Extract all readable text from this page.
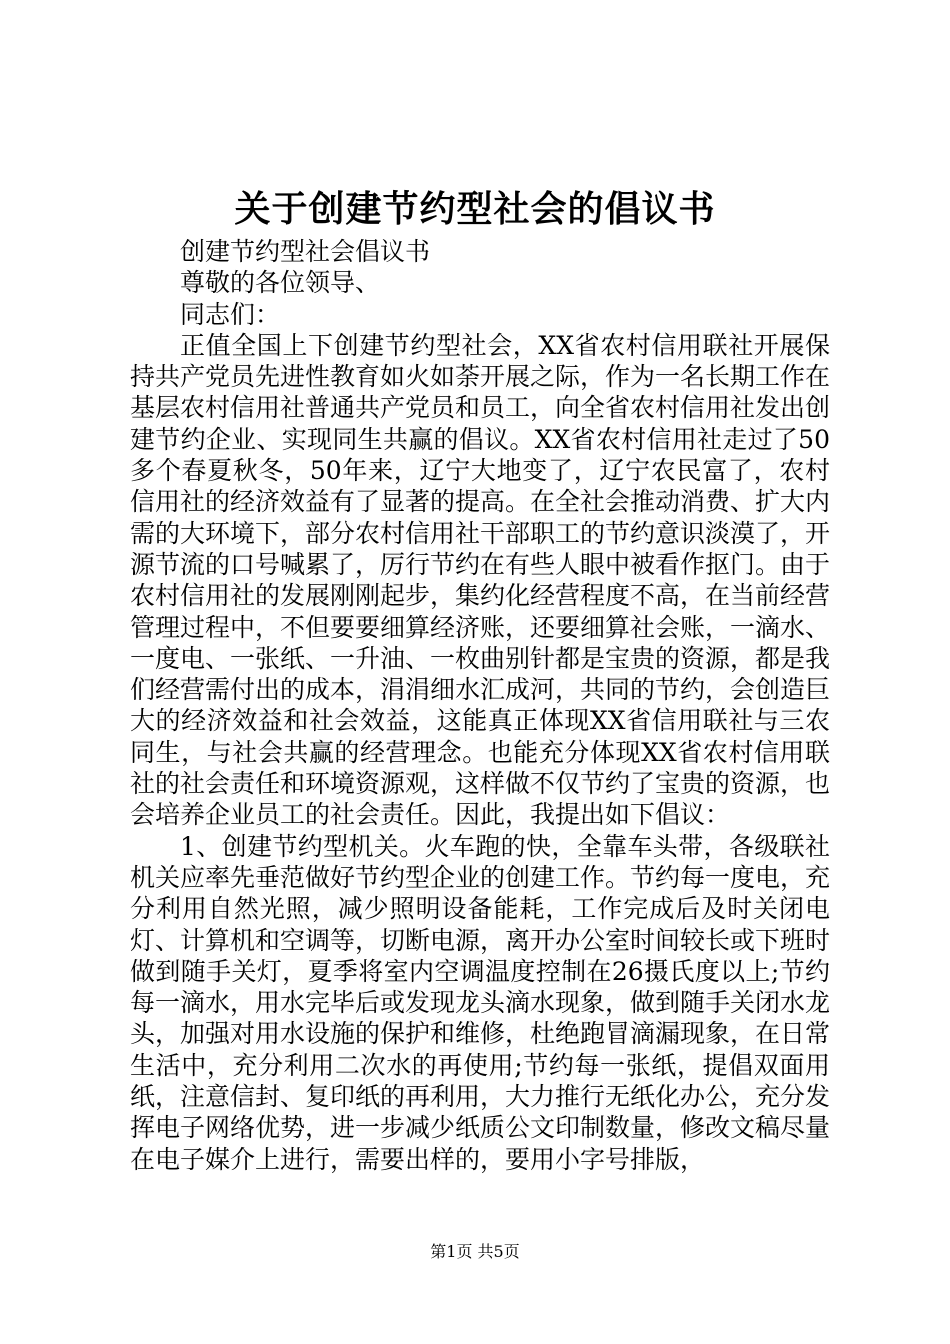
关于创建节约型社会的倡议书

创建节约型社会倡议书

尊敬的各位领导、

同志们：

正值全国上下创建节约型社会，XX省农村信用联社开展保持共产党员先进性教育如火如荼开展之际，作为一名长期工作在基层农村信用社普通共产党员和员工，向全省农村信用社发出创建节约企业、实现同生共赢的倡议。XX省农村信用社走过了50多个春夏秋冬，50年来，辽宁大地变了，辽宁农民富了，农村信用社的经济效益有了显著的提高。在全社会推动消费、扩大内需的大环境下，部分农村信用社干部职工的节约意识淡漠了，开源节流的口号喊累了，厉行节约在有些人眼中被看作抠门。由于农村信用社的发展刚刚起步，集约化经营程度不高，在当前经营管理过程中，不但要要细算经济账，还要细算社会账，一滴水、一度电、一张纸、一升油、一枚曲别针都是宝贵的资源，都是我们经营需付出的成本，涓涓细水汇成河，共同的节约，会创造巨大的经济效益和社会效益，这能真正体现XX省信用联社与三农同生，与社会共赢的经营理念。也能充分体现XX省农村信用联社的社会责任和环境资源观，这样做不仅节约了宝贵的资源，也会培养企业员工的社会责任。因此，我提出如下倡议：

1、创建节约型机关。火车跑的快，全靠车头带，各级联社机关应率先垂范做好节约型企业的创建工作。节约每一度电，充分利用自然光照，减少照明设备能耗，工作完成后及时关闭电灯、计算机和空调等，切断电源，离开办公室时间较长或下班时做到随手关灯，夏季将室内空调温度控制在26摄氏度以上;节约每一滴水，用水完毕后或发现龙头滴水现象，做到随手关闭水龙头，加强对用水设施的保护和维修，杜绝跑冒滴漏现象，在日常生活中，充分利用二次水的再使用;节约每一张纸，提倡双面用纸，注意信封、复印纸的再利用，大力推行无纸化办公，充分发挥电子网络优势，进一步减少纸质公文印制数量，修改文稿尽量在电子媒介上进行，需要出样的，要用小字号排版，

第1页 共5页
